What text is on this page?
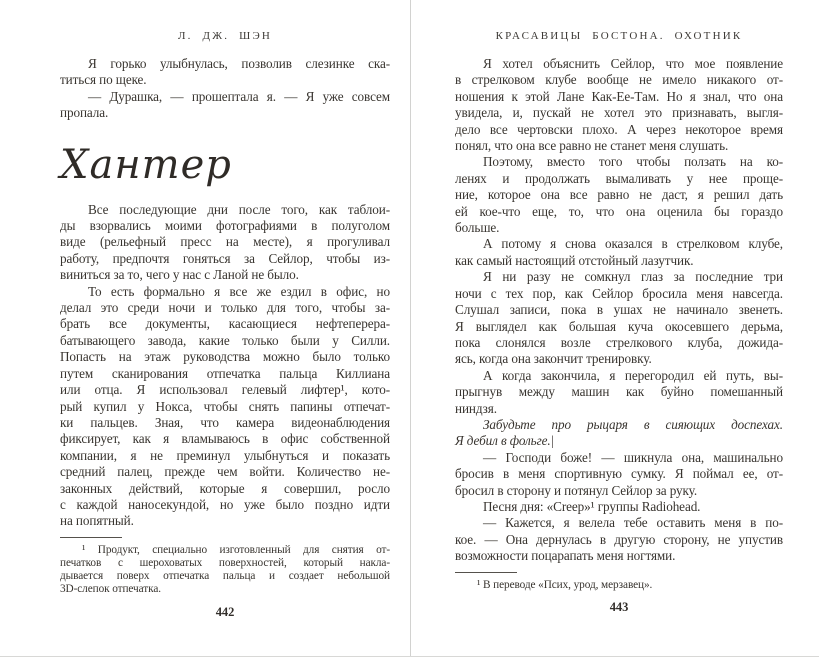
Л. ДЖ. ШЭН
Я горько улыбнулась, позволив слезинке ска-
титься по щеке.
— Дурашка, — прошептала я. — Я уже совсем
пропала.
Хантер
Все последующие дни после того, как таблои-
ды взорвались моими фотографиями в полуголом
виде (рельефный пресс на месте), я прогуливал
работу, предпочтя гоняться за Сейлор, чтобы из-
виниться за то, чего у нас с Ланой не было.
То есть формально я все же ездил в офис, но
делал это среди ночи и только для того, чтобы за-
брать все документы, касающиеся нефтеперера-
батывающего завода, какие только были у Силли.
Попасть на этаж руководства можно было только
путем сканирования отпечатка пальца Киллиана
или отца. Я использовал гелевый лифтер¹, кото-
рый купил у Нокса, чтобы снять папины отпечат-
ки пальцев. Зная, что камера видеонаблюдения
фиксирует, как я вламываюсь в офис собственной
компании, я не преминул улыбнуться и показать
средний палец, прежде чем войти. Количество не-
законных действий, которые я совершил, росло
с каждой наносекундой, но уже было поздно идти
на попятный.
¹ Продукт, специально изготовленный для снятия от-
печатков с шероховатых поверхностей, который накла-
дывается поверх отпечатка пальца и создает небольшой
3D-слепок отпечатка.
442
КРАСАВИЦЫ БОСТОНА. ОХОТНИК
Я хотел объяснить Сейлор, что мое появление
в стрелковом клубе вообще не имело никакого от-
ношения к этой Лане Как-Ее-Там. Но я знал, что она
увидела, и, пускай не хотел это признавать, выгля-
дело все чертовски плохо. А через некоторое время
понял, что она все равно не станет меня слушать.
Поэтому, вместо того чтобы ползать на ко-
ленях и продолжать вымаливать у нее проще-
ние, которое она все равно не даст, я решил дать
ей кое-что еще, то, что она оценила бы гораздо
больше.
А потому я снова оказался в стрелковом клубе,
как самый настоящий отстойный лазутчик.
Я ни разу не сомкнул глаз за последние три
ночи с тех пор, как Сейлор бросила меня навсегда.
Слушал записи, пока в ушах не начинало звенеть.
Я выглядел как большая куча окосевшего дерьма,
пока слонялся возле стрелкового клуба, дожида-
ясь, когда она закончит тренировку.
А когда закончила, я перегородил ей путь, вы-
прыгнув между машин как буйно помешанный
ниндзя.
Забудьте про рыцаря в сияющих доспехах.
Я дебил в фольге.|
— Господи боже! — шикнула она, машинально
бросив в меня спортивную сумку. Я поймал ее, от-
бросил в сторону и потянул Сейлор за руку.
Песня дня: «Creep»¹ группы Radiohead.
— Кажется, я велела тебе оставить меня в по-
кое. — Она дернулась в другую сторону, не упустив
возможности поцарапать меня ногтями.
¹ В переводе «Псих, урод, мерзавец».
443
